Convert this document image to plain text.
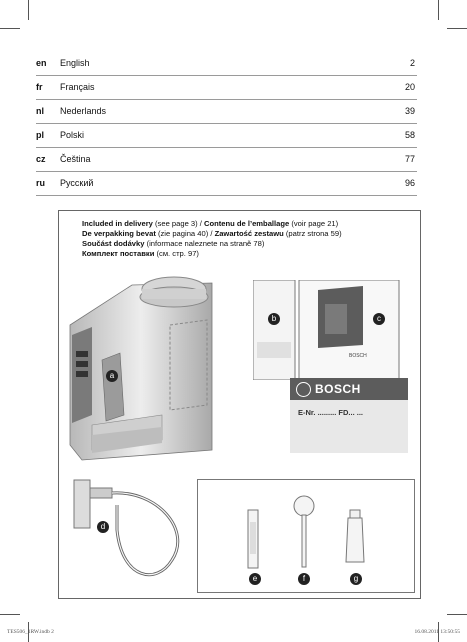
en English	2
fr Français	20
nl Nederlands	39
pl Polski	58
cz Čeština	77
ru Русский	96
Included in delivery (see page 3) / Contenu de l’emballage (voir page 21)
De verpakking bevat (zie pagina 40) / Zawartość zestawu (patrz strona 59)
Součást dodávky (informace naleznete na straně 78)
Комплект поставки (см. стр. 97)
BOSCH
BOSCH
E-Nr. ......... FD... ...
a
b	c
d
e	f	g
TES506_1RW.indb 2	16.08.2011 13:50:55
